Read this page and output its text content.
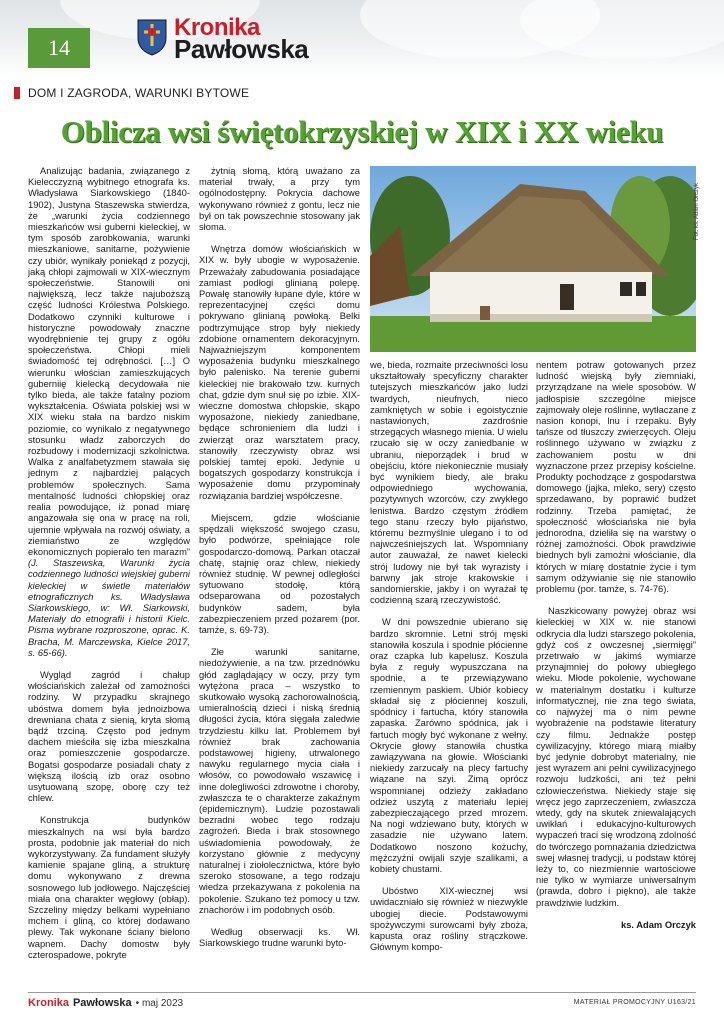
14
Kronika
Pawłowska
DOM I ZAGRODA, WARUNKI BYTOWE
Oblicza wsi świętokrzyskiej w XIX i XX wieku

Analizując badania, związanego z Kielecczyzną wybitnego etnografa ks. Władysława Siarkowskiego (1840-1902), Justyna Staszewska stwierdza, że „warunki życia codziennego mieszkańców wsi guberni kieleckiej, w tym sposób zarobkowania, warunki mieszkaniowe, sanitarne, pożywienie czy ubiór, wynikały poniekąd z pozycji, jaką chłopi zajmowali w XIX-wiecznym społeczeństwie. Stanowili oni największą, lecz także najuboższą część ludności Królestwa Polskiego. Dodatkowo czynniki kulturowe i historyczne powodowały znaczne wyodrębnienie tej grupy z ogółu społeczeństwa. Chłopi mieli świadomość tej odrębności. […] O wierunku włościan zamieszkujących guberniię kielecką decydowała nie tylko bieda, ale także fatalny poziom wykształcenia. Oświata polskiej wsi w XIX wieku stała na bardzo niskim poziomie, co wynikało z negatywnego stosunku władz zaborczych do rozbudowy i modernizacji szkolnictwa. Walka z analfabetyzmem stawała się jednym z najbardziej palących problemów społecznych. Sama mentalność ludności chłopskiej oraz realia powodujące, iż ponad miarę angażowała się ona w pracę na roli, ujemnie wpływała na rozwój oświaty, a ziemiaństwo ze względów ekonomicznych popierało ten marazm” (J. Staszewska, Warunki życia codziennego ludności wiejskiej guberni kieleckiej w świetle materiałów etnograficznych ks. Władysława Siarkowskiego, w: Wł. Siarkowski, Materiały do etnografii i historii Kielc. Pisma wybrane rozproszone, oprac. K. Bracha, M. Marczewska, Kielce 2017, s. 65-66).

Wygląd zagród i chałup włościańskich zależał od zamożności rodziny. W przypadku skrajnego ubóstwa domem była jednoizbowa drewniana chata z sienią, kryta słomą bądź trzciną. Często pod jednym dachem mieściła się izba mieszkalna oraz pomieszczenie gospodarcze. Bogatsi gospodarze posiadali chaty z większą ilością izb oraz osobno usytuowaną szopę, oborę czy też chlew.

Konstrukcja budynków mieszkalnych na wsi była bardzo prosta, podobnie jak materiał do nich wykorzystywany. Za fundament służyły kamienie spajane gliną, a strukturę domu wykonywano z drewna sosnowego lub jodłowego. Najczęściej miała ona charakter węgłowy (obłap). Szczeliny między belkami wypełniano mchem i gliną, co której dodawano plewy. Tak wykonane ściany bielono wapnem. Dachy domostw były czterospadowe, pokryte

żytnią słomą, którą uważano za materiał trwały, a przy tym ogólnodostępny. Pokrycia dachowe wykonywano również z gontu, lecz nie był on tak powszechnie stosowany jak słoma.

Wnętrza domów włościańskich w XIX w. były ubogie w wyposażenie. Przeważały zabudowania posiadające zamiast podłogi glinianą polepę. Powałę stanowiły łupane dyle, które w reprezentacyjnej części domu pokrywano glinianą powłoką. Belki podtrzymujące strop były niekiedy zdobione ornamentem dekoracyjnym. Najważniejszym komponentem wyposażenia budynku mieszkalnego było palenisko. Na terenie guberni kieleckiej nie brakowało tzw. kurnych chat, gdzie dym snuł się po izbie. XIX-wieczne domostwa chłopskie, skąpo wyposażone, niekiedy zaniedbane, będące schronieniem dla ludzi i zwierząt oraz warsztatem pracy, stanowiły rzeczywisty obraz wsi polskiej tamtej epoki. Jedynie u bogatszych gospodarzy konstrukcja i wyposażenie domu przypominały rozwiązania bardziej współczesne.

Miejscem, gdzie włościanie spędzali większość swojego czasu, było podwórze, spełniające role gospodarczo-domową. Parkan otaczał chatę, stajnię oraz chlew, niekiedy również studnię. W pewnej odległości sytuowano stodołę, którą odseparowana od pozostałych budynków sadem, była zabezpieczeniem przed pożarem (por. tamże, s. 69-73).

Złe warunki sanitarne, niedożywienie, a na tzw. przednówku głód zaglądający w oczy, przy tym wytężona praca – wszystko to skutkowało wysoką zachorowalnością, umieralnością dzieci i niską średnią długości życia, która sięgała zaledwie trzydziestu kilku lat. Problemem był również brak zachowania podstawowej higieny, utrwalonego nawyku regularnego mycia ciała i włosów, co powodowało wszawicę i inne dolegliwości zdrowotne i choroby, zwłaszcza te o charakterze zakaźnym (epidemicznym). Ludzie pozostawali bezradni wobec tego rodzaju zagrożeń. Bieda i brak stosownego uświadomienia powodowały, że korzystano głównie z medycyny naturalnej i ziołolecznictwa, które było szeroko stosowane, a tego rodzaju wiedza przekazywana z pokolenia na pokolenie. Szukano też pomocy u tzw. znachorów i im podobnych osób.

Według obserwacji ks. Wł. Siarkowskiego trudne warunki byto-

Fot. ks. Adam Orczyk

we, bieda, rozmaite przeciwności losu ukształtowały specyficzny charakter tutejszych mieszkańców jako ludzi twardych, nieufnych, nieco zamkniętych w sobie i egoistycznie nastawionych, zazdrośnie strzegących własnego mienia. U wielu rzucało się w oczy zaniedbanie w ubraniu, nieporządek i brud w obejściu, które niekoniecznie musiały być wynikiem biedy, ale braku odpowiedniego wychowania, pozytywnych wzorców, czy zwykłego lenistwa. Bardzo częstym źródłem tego stanu rzeczy było pijaństwo, któremu bezmyślnie ulegano i to od najwcześniejszych lat. Wspomniany autor zauważał, że nawet kielecki strój ludowy nie był tak wyrazisty i barwny jak stroje krakowskie i sandomierskie, jakby i on wyrażał tę codzienną szarą rzeczywistość.

W dni powszednie ubierano się bardzo skromnie. Letni strój męski stanowiła koszula i spodnie płócienne oraz czapka lub kapelusz. Koszula była z reguły wypuszczana na spodnie, a te przewiązywano rzemiennym paskiem. Ubiór kobiecy składał się z płóciennej koszuli, spódnicy i fartucha, który stanowiła zapaska. Zarówno spódnica, jak i fartuch mogły być wykonane z wełny. Okrycie głowy stanowiła chustka zawiązywana na głowie. Włościanki niekiedy zarzucały na plecy fartuchy wiązane na szyi. Zimą oprócz wspomnianej odzieży zakładano odzież uszytą z materiału lepiej zabezpieczającego przed mrozem. Na nogi wdziewano buty, których w zasadzie nie używano latem. Dodatkowo noszono kożuchy, mężczyźni owijali szyje szalikami, a kobiety chustami.

Ubóstwo XIX-wiecznej wsi uwidaczniało się również w niezwykle ubogiej diecie. Podstawowymi spożywczymi surowcami były zboża, kapusta oraz rośliny strączkowe. Głównym kompo-

nentem potraw gotowanych przez ludność wiejską były ziemniaki, przyrządzane na wiele sposobów. W jadłospisie szczególne miejsce zajmowały oleje roślinne, wytłaczane z nasion konopi, lnu i rzepaku. Były tańsze od tłuszczy zwierzęcych. Oleju roślinnego używano w związku z zachowaniem postu w dni wyznaczone przez przepisy kościelne. Produkty pochodzące z gospodarstwa domowego (jajka, mleko, sery) często sprzedawano, by poprawić budżet rodzinny. Trzeba pamiętać, że społeczność włościańska nie była jednorodna, dzieliła się na warstwy o różnej zamożności. Obok prawdziwie biednych byli zamożni włościanie, dla których w miarę dostatnie życie i tym samym odżywianie się nie stanowiło problemu (por. tamże, s. 74-76).

Naszkicowany powyżej obraz wsi kieleckiej w XIX w. nie stanowi odkrycia dla ludzi starszego pokolenia, gdyż coś z owczesnej „siermięgi” przetrwało w jakimś wymiarze przynajmniej do połowy ubiegłego wieku. Młode pokolenie, wychowane w materialnym dostatku i kulturze informatycznej, nie zna tego świata, co najwyżej ma o nim pewne wyobrażenie na podstawie literatury czy filmu. Jednakże postęp cywilizacyjny, którego miarą miałby być jedynie dobrobyt materialny, nie jest wyrazem ani pełni cywilizacyjnego rozwoju ludzkości, ani też pełni człowieczeństwa. Niekiedy staje się wręcz jego zaprzeczeniem, zwłaszcza wtedy, gdy na skutek zniewalających uwikłań i edukacyjno-kulturowych wypaczeń traci się wrodzoną zdolność do twórczego pomnażania dziedzictwa swej własnej tradycji, u podstaw której leży to, co niezmiennie wartościowe nie tylko w wymiarze uniwersalnym (prawda, dobro i piękno), ale także prawdziwie ludzkim.

ks. Adam Orczyk
Kronika Pawłowska • maj 2023	MATERIAŁ PROMOCYJNY U163/21
